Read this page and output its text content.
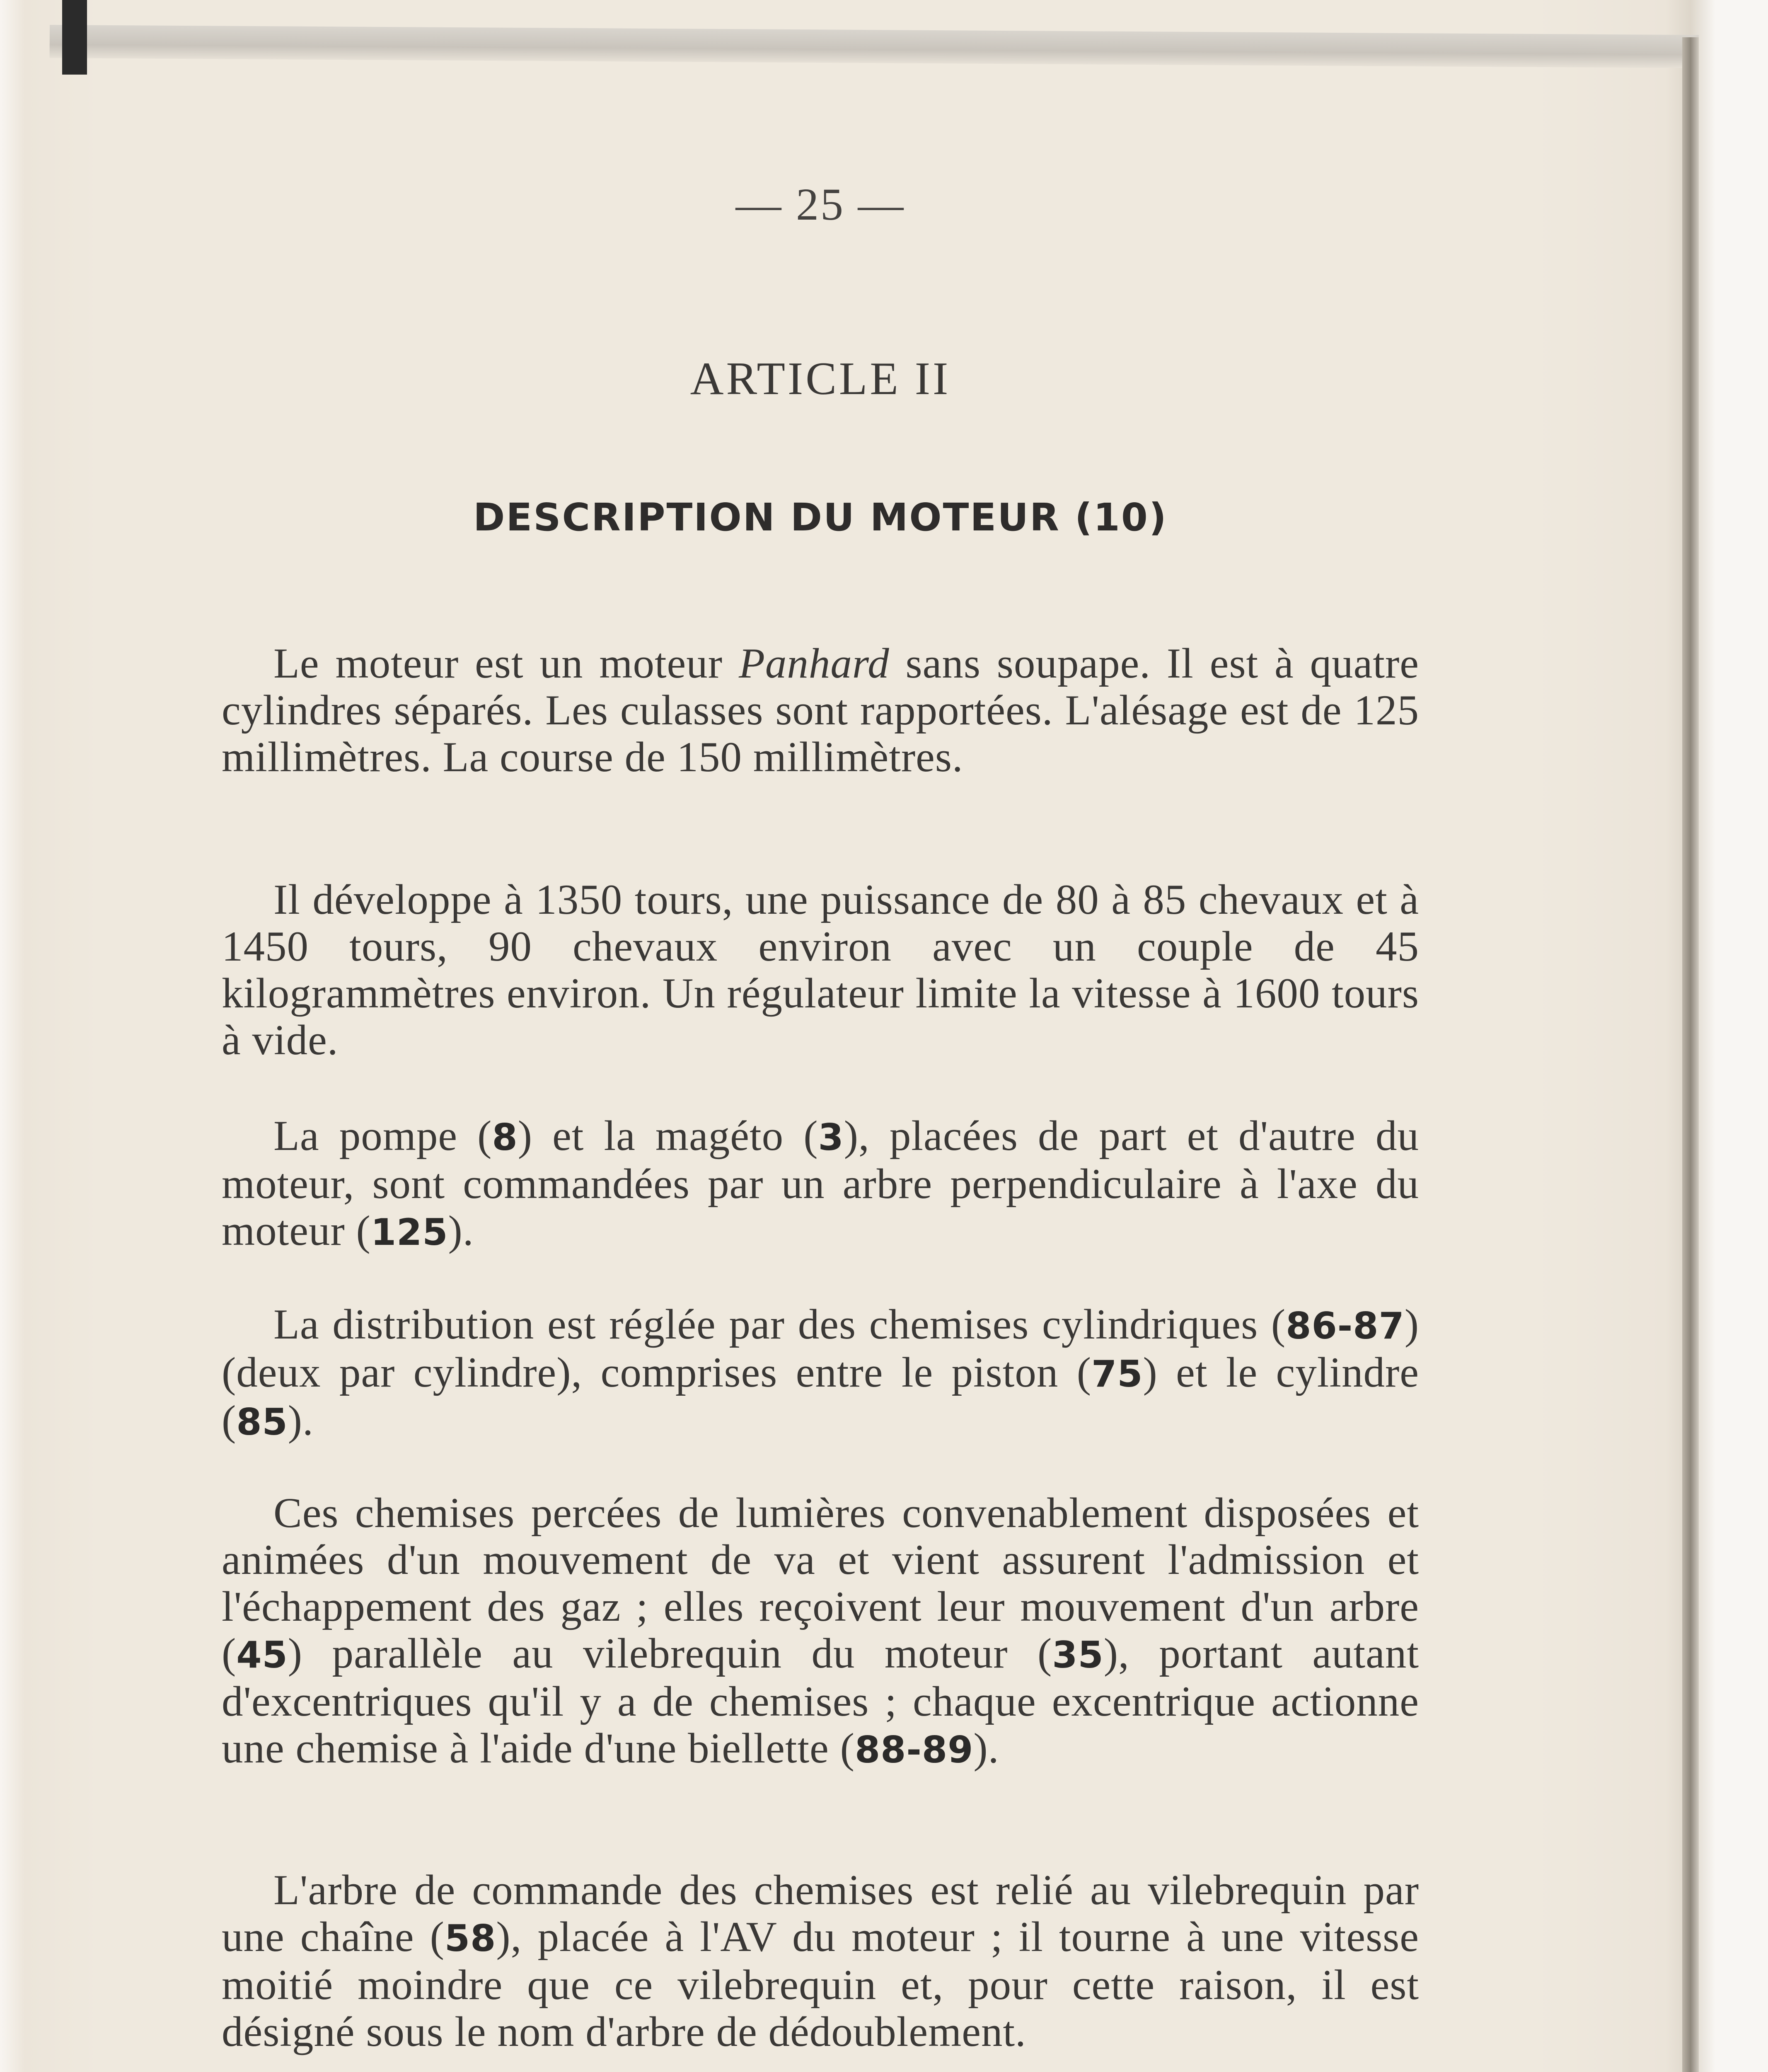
— 25 —
ARTICLE II
DESCRIPTION DU MOTEUR (10)

Le moteur est un moteur Panhard sans soupape. Il est à quatre cylindres séparés. Les culasses sont rapportées. L'alésage est de 125 millimètres. La course de 150 millimètres.

Il développe à 1350 tours, une puissance de 80 à 85 chevaux et à 1450 tours, 90 chevaux environ avec un couple de 45 kilogrammètres environ. Un régulateur limite la vitesse à 1600 tours à vide.

La pompe (8) et la magéto (3), placées de part et d'autre du moteur, sont commandées par un arbre perpendiculaire à l'axe du moteur (125).

La distribution est réglée par des chemises cylindriques (86-87) (deux par cylindre), comprises entre le piston (75) et le cylindre (85).

Ces chemises percées de lumières convenablement disposées et animées d'un mouvement de va et vient assurent l'admission et l'échappement des gaz ; elles reçoivent leur mouvement d'un arbre (45) parallèle au vilebrequin du moteur (35), portant autant d'excentriques qu'il y a de chemises ; chaque excentrique actionne une chemise à l'aide d'une biellette (88-89).

L'arbre de commande des chemises est relié au vilebrequin par une chaîne (58), placée à l'AV du moteur ; il tourne à une vitesse moitié moindre que ce vilebrequin et, pour cette raison, il est désigné sous le nom d'arbre de dédoublement.
